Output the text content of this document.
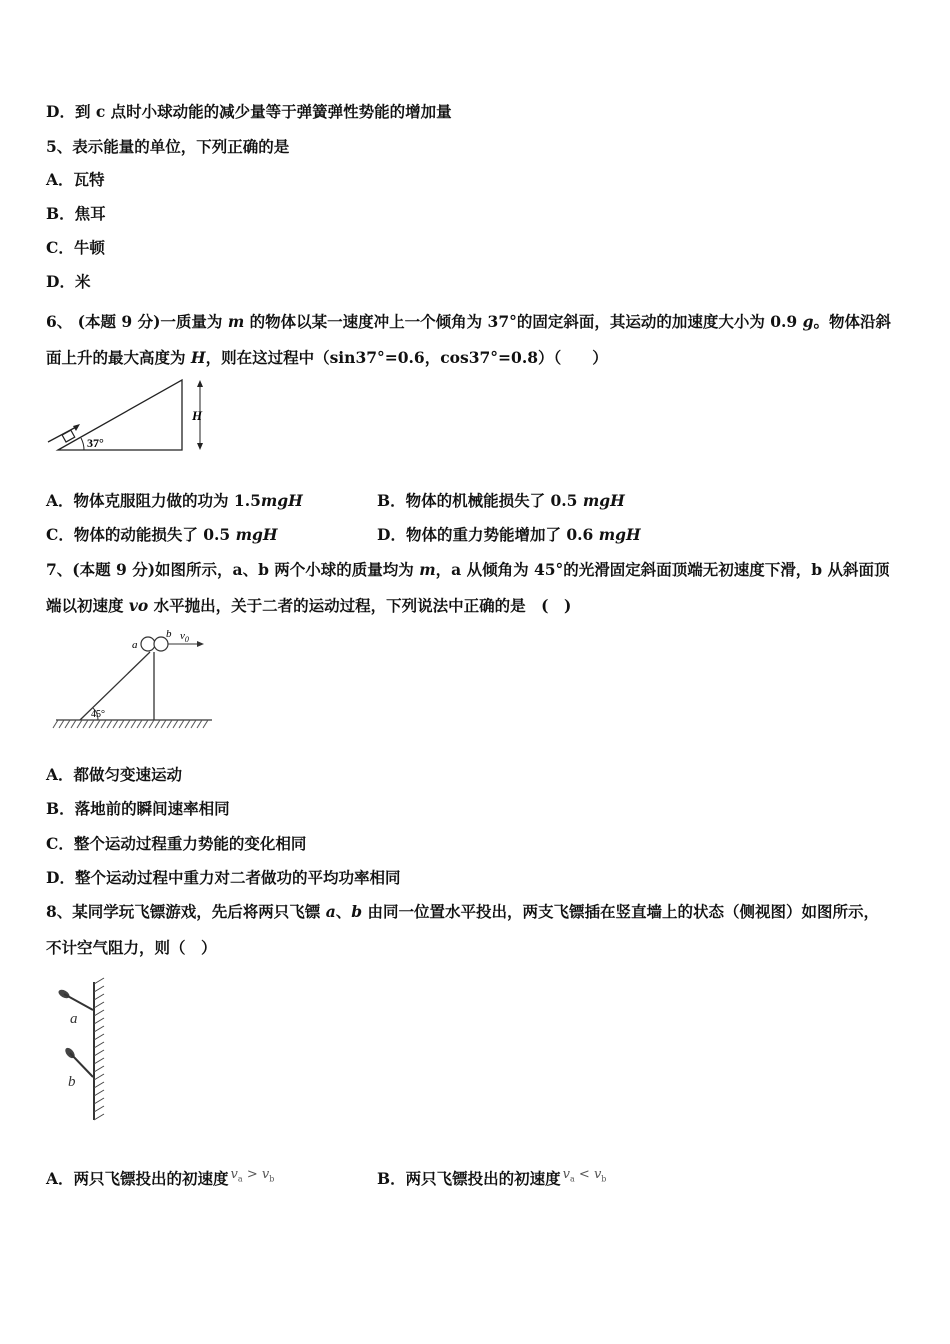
D．到 c 点时小球动能的减少量等于弹簧弹性势能的增加量
5、表示能量的单位，下列正确的是
A．瓦特
B．焦耳
C．牛顿
D．米
6、 (本题 9 分)一质量为 m 的物体以某一速度冲上一个倾角为 37°的固定斜面，其运动的加速度大小为 0.9 g。物体沿斜
面上升的最大高度为 H，则在这过程中（sin37°=0.6，cos37°=0.8）（　　）
37°
H
A．物体克服阻力做的功为 1.5mgH	B．物体的机械能损失了 0.5 mgH
C．物体的动能损失了 0.5 mgH	D．物体的重力势能增加了 0.6 mgH
7、(本题 9 分)如图所示，a、b 两个小球的质量均为 m，a 从倾角为 45°的光滑固定斜面顶端无初速度下滑，b 从斜面顶
端以初速度 vo 水平抛出，关于二者的运动过程，下列说法中正确的是　(　)
a
b $v_0$
45°
A．都做匀变速运动
B．落地前的瞬间速率相同
C．整个运动过程重力势能的变化相同
D．整个运动过程中重力对二者做功的平均功率相同
8、某同学玩飞镖游戏，先后将两只飞镖 a、b 由同一位置水平投出，两支飞镖插在竖直墙上的状态（侧视图）如图所示，
不计空气阻力，则（　）
a
b
A．两只飞镖投出的初速度 $^{v_a > v_b}$	B．两只飞镖投出的初速度 $^{v_a < v_b}$
